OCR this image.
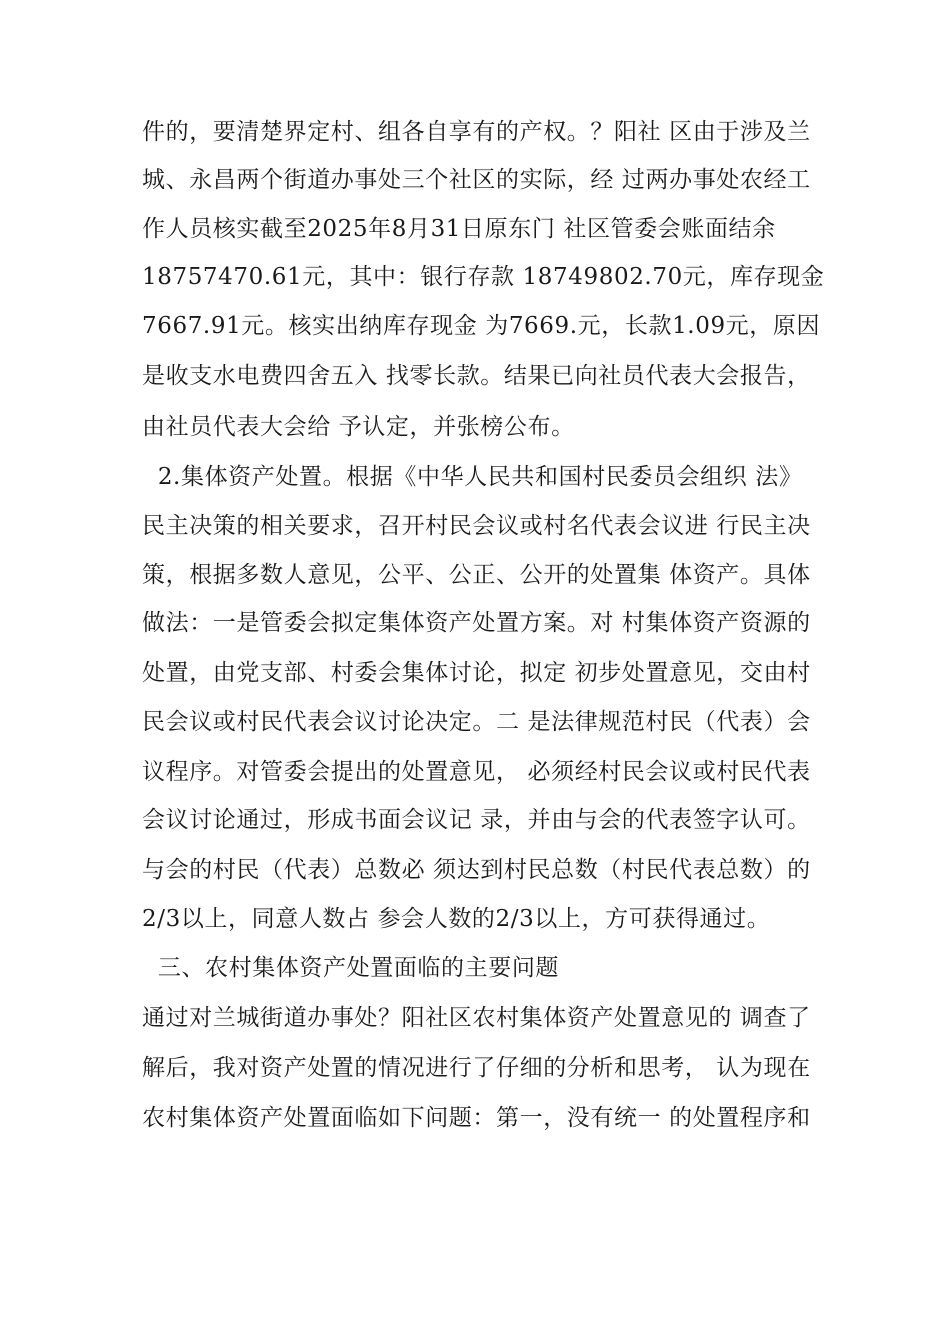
件的，要清楚界定村、组各自享有的产权。？阳社 区由于涉及兰
城、永昌两个街道办事处三个社区的实际，经 过两办事处农经工
作人员核实截至2025年8月31日原东门 社区管委会账面结余
18757470.61元，其中：银行存款 18749802.70元，库存现金
7667.91元。核实出纳库存现金 为7669.元，长款1.09元，原因
是收支水电费四舍五入 找零长款。结果已向社员代表大会报告，
由社员代表大会给 予认定，并张榜公布。
2.集体资产处置。根据《中华人民共和国村民委员会组织 法》
民主决策的相关要求，召开村民会议或村名代表会议进 行民主决
策，根据多数人意见，公平、公正、公开的处置集 体资产。具体
做法：一是管委会拟定集体资产处置方案。对 村集体资产资源的
处置，由党支部、村委会集体讨论，拟定 初步处置意见，交由村
民会议或村民代表会议讨论决定。二 是法律规范村民（代表）会
议程序。对管委会提出的处置意见， 必须经村民会议或村民代表
会议讨论通过，形成书面会议记 录，并由与会的代表签字认可。
与会的村民（代表）总数必 须达到村民总数（村民代表总数）的
2/3以上，同意人数占 参会人数的2/3以上，方可获得通过。
三、农村集体资产处置面临的主要问题
通过对兰城街道办事处？阳社区农村集体资产处置意见的 调查了
解后，我对资产处置的情况进行了仔细的分析和思考， 认为现在
农村集体资产处置面临如下问题：第一，没有统一 的处置程序和
